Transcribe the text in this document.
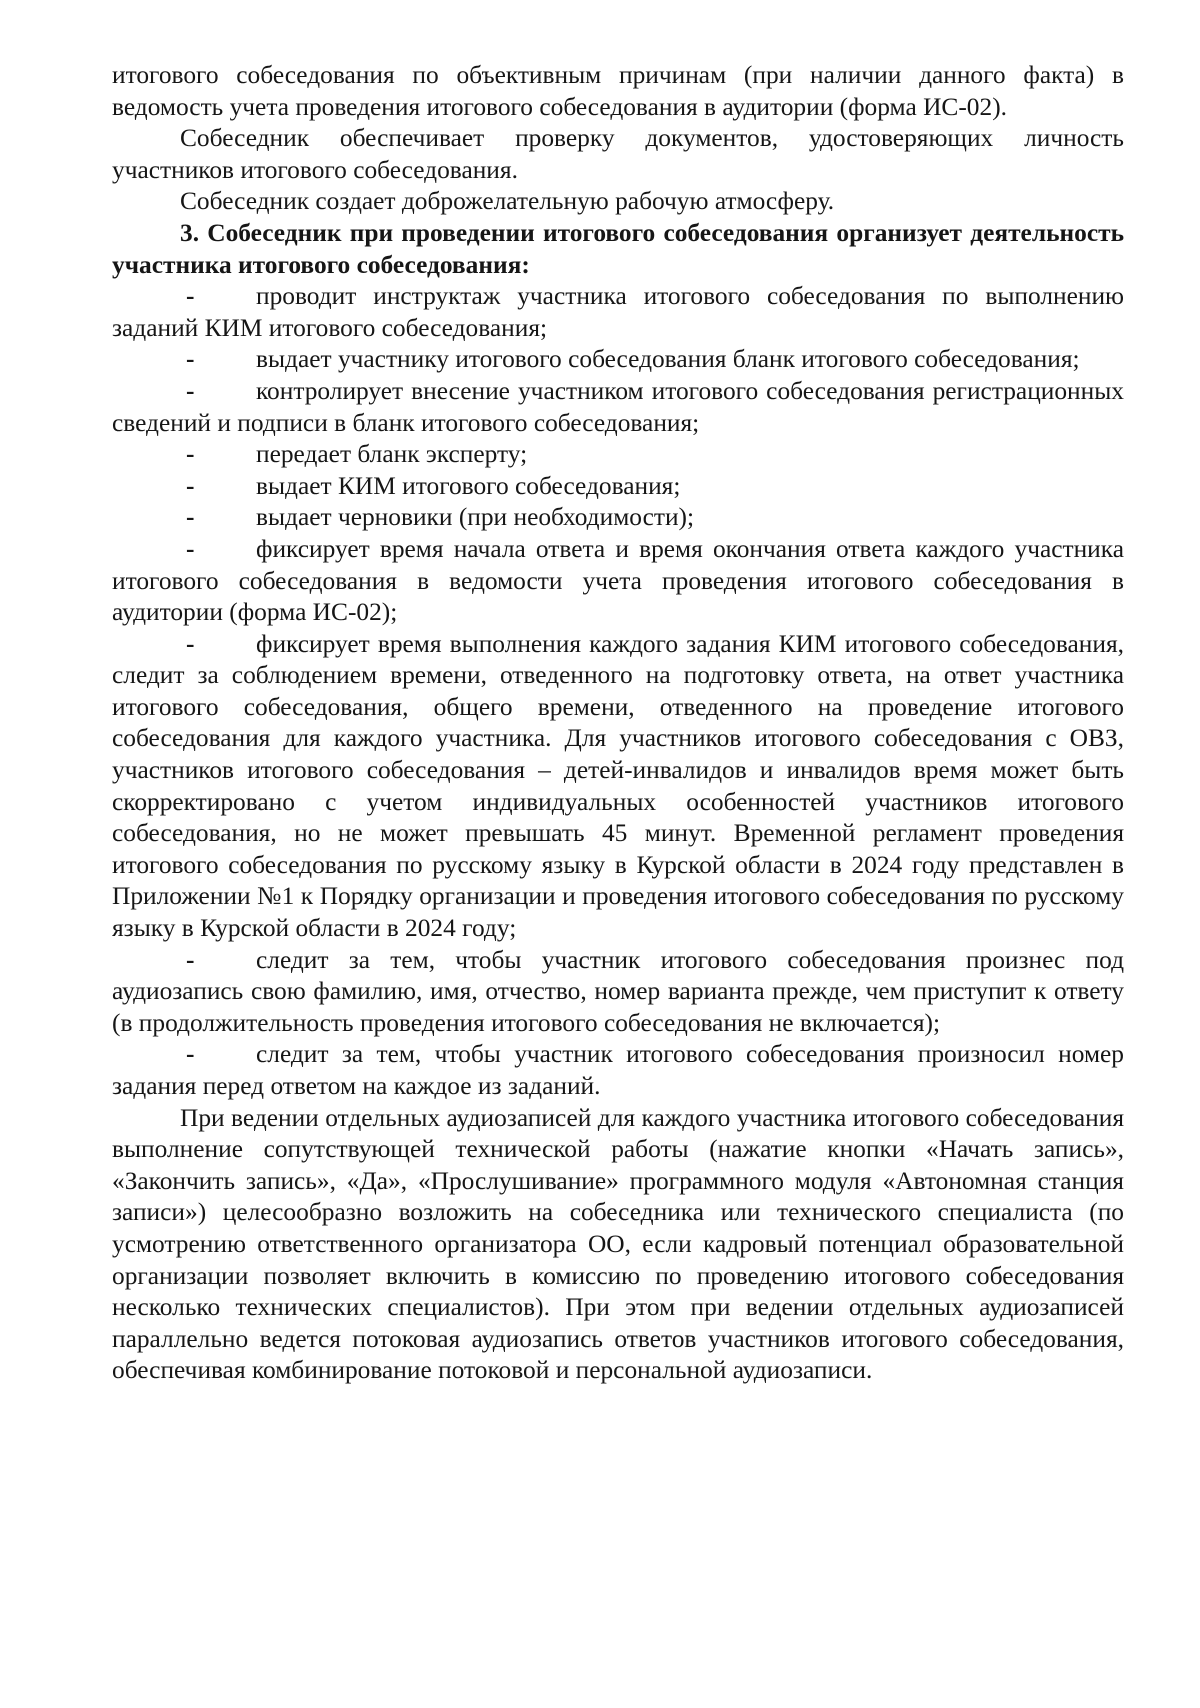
итогового собеседования по объективным причинам (при наличии данного факта) в ведомость учета проведения итогового собеседования в аудитории (форма ИС-02).

Собеседник обеспечивает проверку документов, удостоверяющих личность участников итогового собеседования.

Собеседник создает доброжелательную рабочую атмосферу.

3. Собеседник при проведении итогового собеседования организует деятельность участника итогового собеседования:

- проводит инструктаж участника итогового собеседования по выполнению заданий КИМ итогового собеседования;

- выдает участнику итогового собеседования бланк итогового собеседования;

- контролирует внесение участником итогового собеседования регистрационных сведений и подписи в бланк итогового собеседования;

- передает бланк эксперту;

- выдает КИМ итогового собеседования;

- выдает черновики (при необходимости);

- фиксирует время начала ответа и время окончания ответа каждого участника итогового собеседования в ведомости учета проведения итогового собеседования в аудитории (форма ИС-02);

- фиксирует время выполнения каждого задания КИМ итогового собеседования, следит за соблюдением времени, отведенного на подготовку ответа, на ответ участника итогового собеседования, общего времени, отведенного на проведение итогового собеседования для каждого участника. Для участников итогового собеседования с ОВЗ, участников итогового собеседования – детей-инвалидов и инвалидов время может быть скорректировано с учетом индивидуальных особенностей участников итогового собеседования, но не может превышать 45 минут. Временной регламент проведения итогового собеседования по русскому языку в Курской области в 2024 году представлен в Приложении №1 к Порядку организации и проведения итогового собеседования по русскому языку в Курской области в 2024 году;

- следит за тем, чтобы участник итогового собеседования произнес под аудиозапись свою фамилию, имя, отчество, номер варианта прежде, чем приступит к ответу (в продолжительность проведения итогового собеседования не включается);

- следит за тем, чтобы участник итогового собеседования произносил номер задания перед ответом на каждое из заданий.

При ведении отдельных аудиозаписей для каждого участника итогового собеседования выполнение сопутствующей технической работы (нажатие кнопки «Начать запись», «Закончить запись», «Да», «Прослушивание» программного модуля «Автономная станция записи») целесообразно возложить на собеседника или технического специалиста (по усмотрению ответственного организатора ОО, если кадровый потенциал образовательной организации позволяет включить в комиссию по проведению итогового собеседования несколько технических специалистов). При этом при ведении отдельных аудиозаписей параллельно ведется потоковая аудиозапись ответов участников итогового собеседования, обеспечивая комбинирование потоковой и персональной аудиозаписи.
